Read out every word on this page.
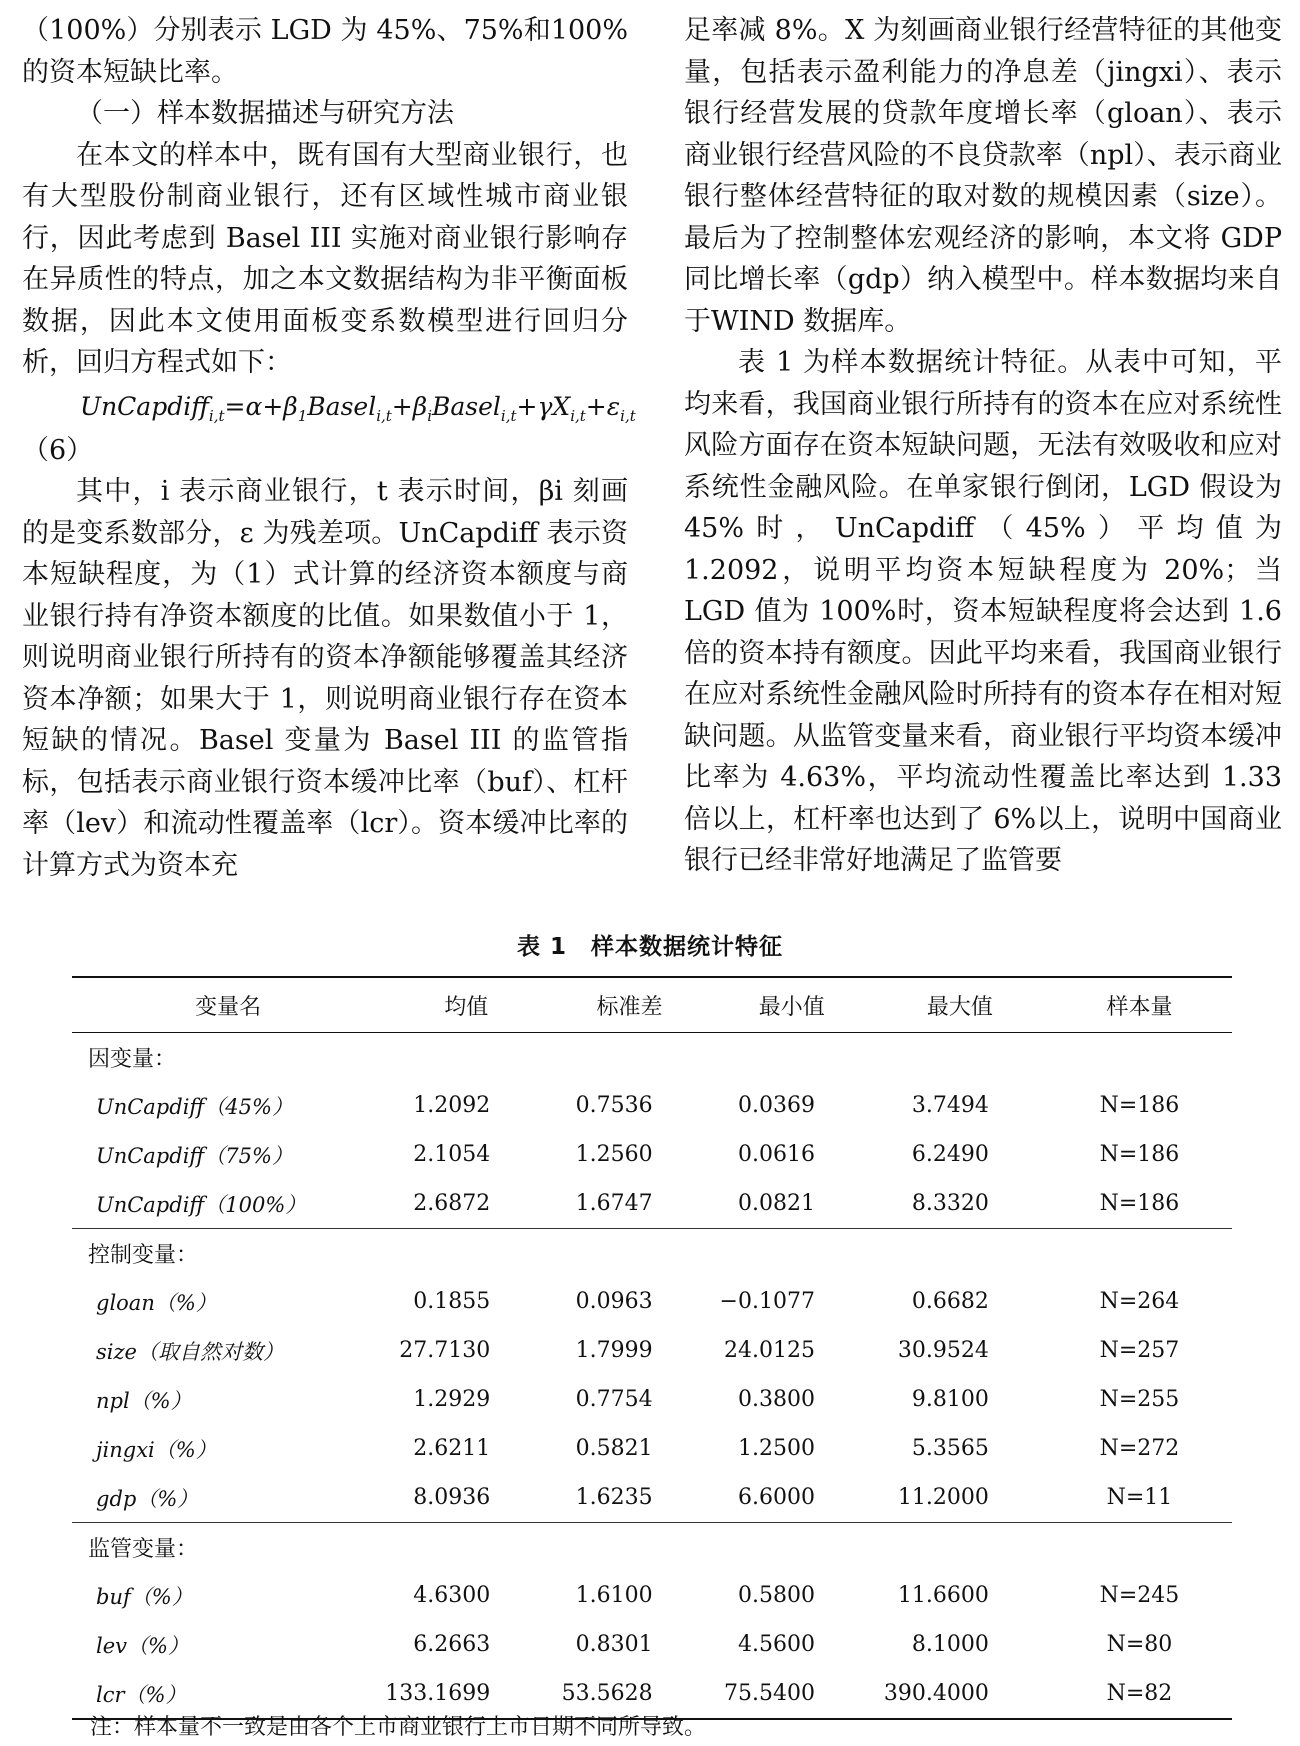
（100%）分别表示 LGD 为 45%、75%和100%的资本短缺比率。

（一）样本数据描述与研究方法

在本文的样本中，既有国有大型商业银行，也有大型股份制商业银行，还有区域性城市商业银行，因此考虑到 Basel III 实施对商业银行影响存在异质性的特点，加之本文数据结构为非平衡面板数据，因此本文使用面板变系数模型进行回归分析，回归方程式如下：

$UnCapdiff_{i,t}=\alpha+\beta_1Basel_{i,t}+\beta_iBasel_{i,t}+\gamma X_{i,t}+\varepsilon_{i,t}$

（6）

其中，i 表示商业银行，t 表示时间，βi 刻画的是变系数部分，ε 为残差项。UnCapdiff 表示资本短缺程度，为（1）式计算的经济资本额度与商业银行持有净资本额度的比值。如果数值小于 1，则说明商业银行所持有的资本净额能够覆盖其经济资本净额；如果大于 1，则说明商业银行存在资本短缺的情况。Basel 变量为 Basel III 的监管指标，包括表示商业银行资本缓冲比率（buf）、杠杆率（lev）和流动性覆盖率（lcr）。资本缓冲比率的计算方式为资本充

足率减 8%。X 为刻画商业银行经营特征的其他变量，包括表示盈利能力的净息差（jingxi）、表示银行经营发展的贷款年度增长率（gloan）、表示商业银行经营风险的不良贷款率（npl）、表示商业银行整体经营特征的取对数的规模因素（size）。最后为了控制整体宏观经济的影响，本文将 GDP 同比增长率（gdp）纳入模型中。样本数据均来自于WIND 数据库。

表 1 为样本数据统计特征。从表中可知，平均来看，我国商业银行所持有的资本在应对系统性风险方面存在资本短缺问题，无法有效吸收和应对系统性金融风险。在单家银行倒闭，LGD 假设为 45%时，UnCapdiff（45%）平均值为 1.2092，说明平均资本短缺程度为 20%；当 LGD 值为 100%时，资本短缺程度将会达到 1.6 倍的资本持有额度。因此平均来看，我国商业银行在应对系统性金融风险时所持有的资本存在相对短缺问题。从监管变量来看，商业银行平均资本缓冲比率为 4.63%，平均流动性覆盖比率达到 1.33 倍以上，杠杆率也达到了 6%以上，说明中国商业银行已经非常好地满足了监管要

表 1　样本数据统计特征
变量名	均值	标准差	最小值	最大值	样本量
因变量：					
UnCapdiff（45%）	1.2092	0.7536	0.0369	3.7494	N=186
UnCapdiff（75%）	2.1054	1.2560	0.0616	6.2490	N=186
UnCapdiff（100%）	2.6872	1.6747	0.0821	8.3320	N=186
控制变量：					
gloan（%）	0.1855	0.0963	−0.1077	0.6682	N=264
size（取自然对数）	27.7130	1.7999	24.0125	30.9524	N=257
npl（%）	1.2929	0.7754	0.3800	9.8100	N=255
jingxi（%）	2.6211	0.5821	1.2500	5.3565	N=272
gdp（%）	8.0936	1.6235	6.6000	11.2000	N=11
监管变量：					
buf（%）	4.6300	1.6100	0.5800	11.6600	N=245
lev（%）	6.2663	0.8301	4.5600	8.1000	N=80
lcr（%）	133.1699	53.5628	75.5400	390.4000	N=82
注：样本量不一致是由各个上市商业银行上市日期不同所导致。
